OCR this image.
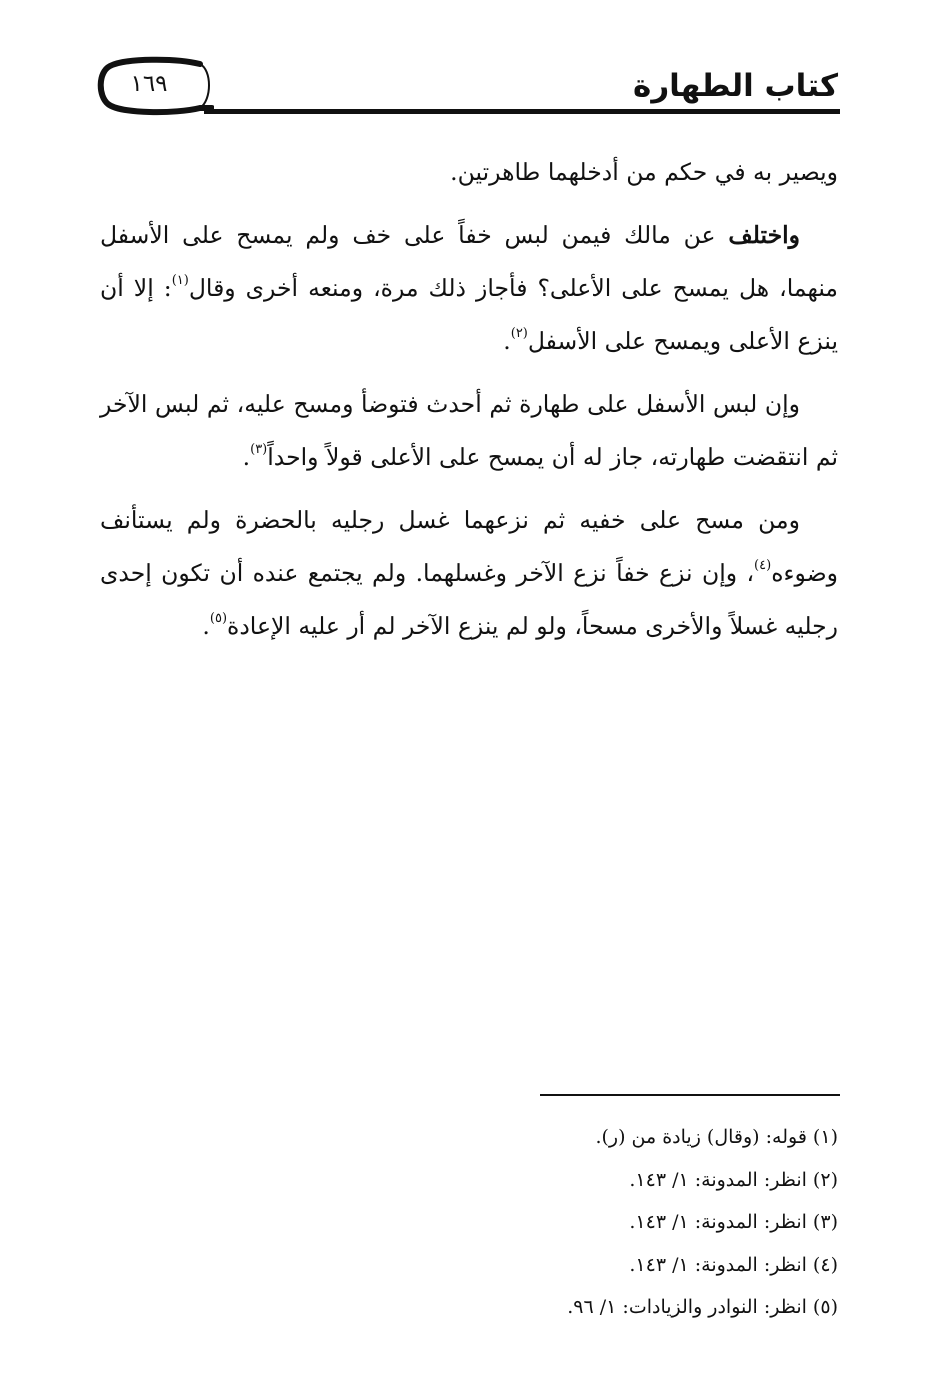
كتاب الطهارة
١٦٩

ويصير به في حكم من أدخلهما طاهرتين.

واختلف عن مالك فيمن لبس خفاً على خف ولم يمسح على الأسفل منهما، هل يمسح على الأعلى؟ فأجاز ذلك مرة، ومنعه أخرى وقال$^{(١)}$: إلا أن ينزع الأعلى ويمسح على الأسفل$^{(٢)}$.

وإن لبس الأسفل على طهارة ثم أحدث فتوضأ ومسح عليه، ثم لبس الآخر ثم انتقضت طهارته، جاز له أن يمسح على الأعلى قولاً واحداً$^{(٣)}$.

ومن مسح على خفيه ثم نزعهما غسل رجليه بالحضرة ولم يستأنف وضوءه$^{(٤)}$، وإن نزع خفاً نزع الآخر وغسلهما. ولم يجتمع عنده أن تكون إحدى رجليه غسلاً والأخرى مسحاً، ولو لم ينزع الآخر لم أر عليه الإعادة$^{(٥)}$.

(١) قوله: (وقال) زيادة من (ر).

(٢) انظر: المدونة: ١/ ١٤٣.

(٣) انظر: المدونة: ١/ ١٤٣.

(٤) انظر: المدونة: ١/ ١٤٣.

(٥) انظر: النوادر والزيادات: ١/ ٩٦.
